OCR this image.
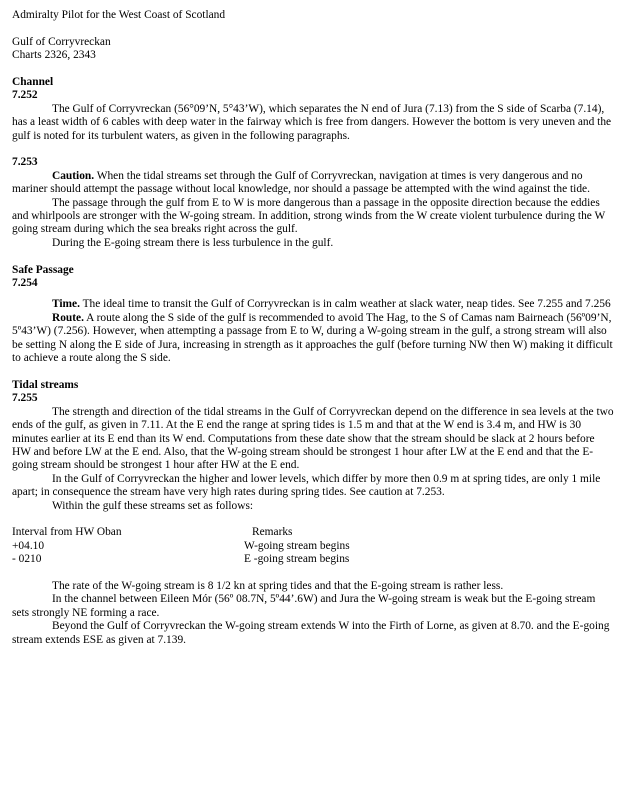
Admiralty Pilot for the West Coast of Scotland

Gulf of Corryvreckan

Charts 2326, 2343

Channel

7.252

The Gulf of Corryvreckan (56°09’N, 5°43’W), which separates the N end of Jura (7.13) from the S side of Scarba (7.14), has a least width of 6 cables with deep water in the fairway which is free from dangers. However the bottom is very uneven and the gulf is noted for its turbulent waters, as given in the following paragraphs.

7.253

Caution. When the tidal streams set through the Gulf of Corryvreckan, navigation at times is very dangerous and no mariner should attempt the passage without local knowledge, nor should a passage be attempted with the wind against the tide.

The passage through the gulf from E to W is more dangerous than a passage in the opposite direction because the eddies and whirlpools are stronger with the W-going stream. In addition, strong winds from the W create violent turbulence during the W going stream during which the sea breaks right across the gulf.

During the E-going stream there is less turbulence in the gulf.

Safe Passage

7.254

Time. The ideal time to transit the Gulf of Corryvreckan is in calm weather at slack water, neap tides. See 7.255 and 7.256

Route. A route along the S side of the gulf is recommended to avoid The Hag, to the S of Camas nam Bairneach (56º09’N, 5º43’W) (7.256). However, when attempting a passage from E to W, during a W-going stream in the gulf, a strong stream will also be setting N along the E side of Jura, increasing in strength as it approaches the gulf (before turning NW then W) making it difficult to achieve a route along the S side.

Tidal streams

7.255

The strength and direction of the tidal streams in the Gulf of Corryvreckan depend on the difference in sea levels at the two ends of the gulf, as given in 7.11. At the E end the range at spring tides is 1.5 m and that at the W end is 3.4 m, and HW is 30 minutes earlier at its E end than its W end. Computations from these date show that the stream should be slack at 2 hours before HW and before LW at the E end. Also, that the W-going stream should be strongest 1 hour after LW at the E end and that the E-going stream should be strongest 1 hour after HW at the E end.

In the Gulf of Corryvreckan the higher and lower levels, which differ by more then 0.9 m at spring tides, are only 1 mile apart; in consequence the stream have very high rates during spring tides. See caution at 7.253.

Within the gulf these streams set as follows:

Interval from HW Oban	Remarks
+04.10	W-going stream begins
- 0210	E -going stream begins

The rate of the W-going stream is 8 1/2 kn at spring tides and that the E-going stream is rather less.

In the channel between Eileen Mór (56º 08.7N, 5º44’.6W) and Jura the W-going stream is weak but the E-going stream sets strongly NE forming a race.

Beyond the Gulf of Corryvreckan the W-going stream extends W into the Firth of Lorne, as given at 8.70. and the E-going stream extends ESE as given at 7.139.
